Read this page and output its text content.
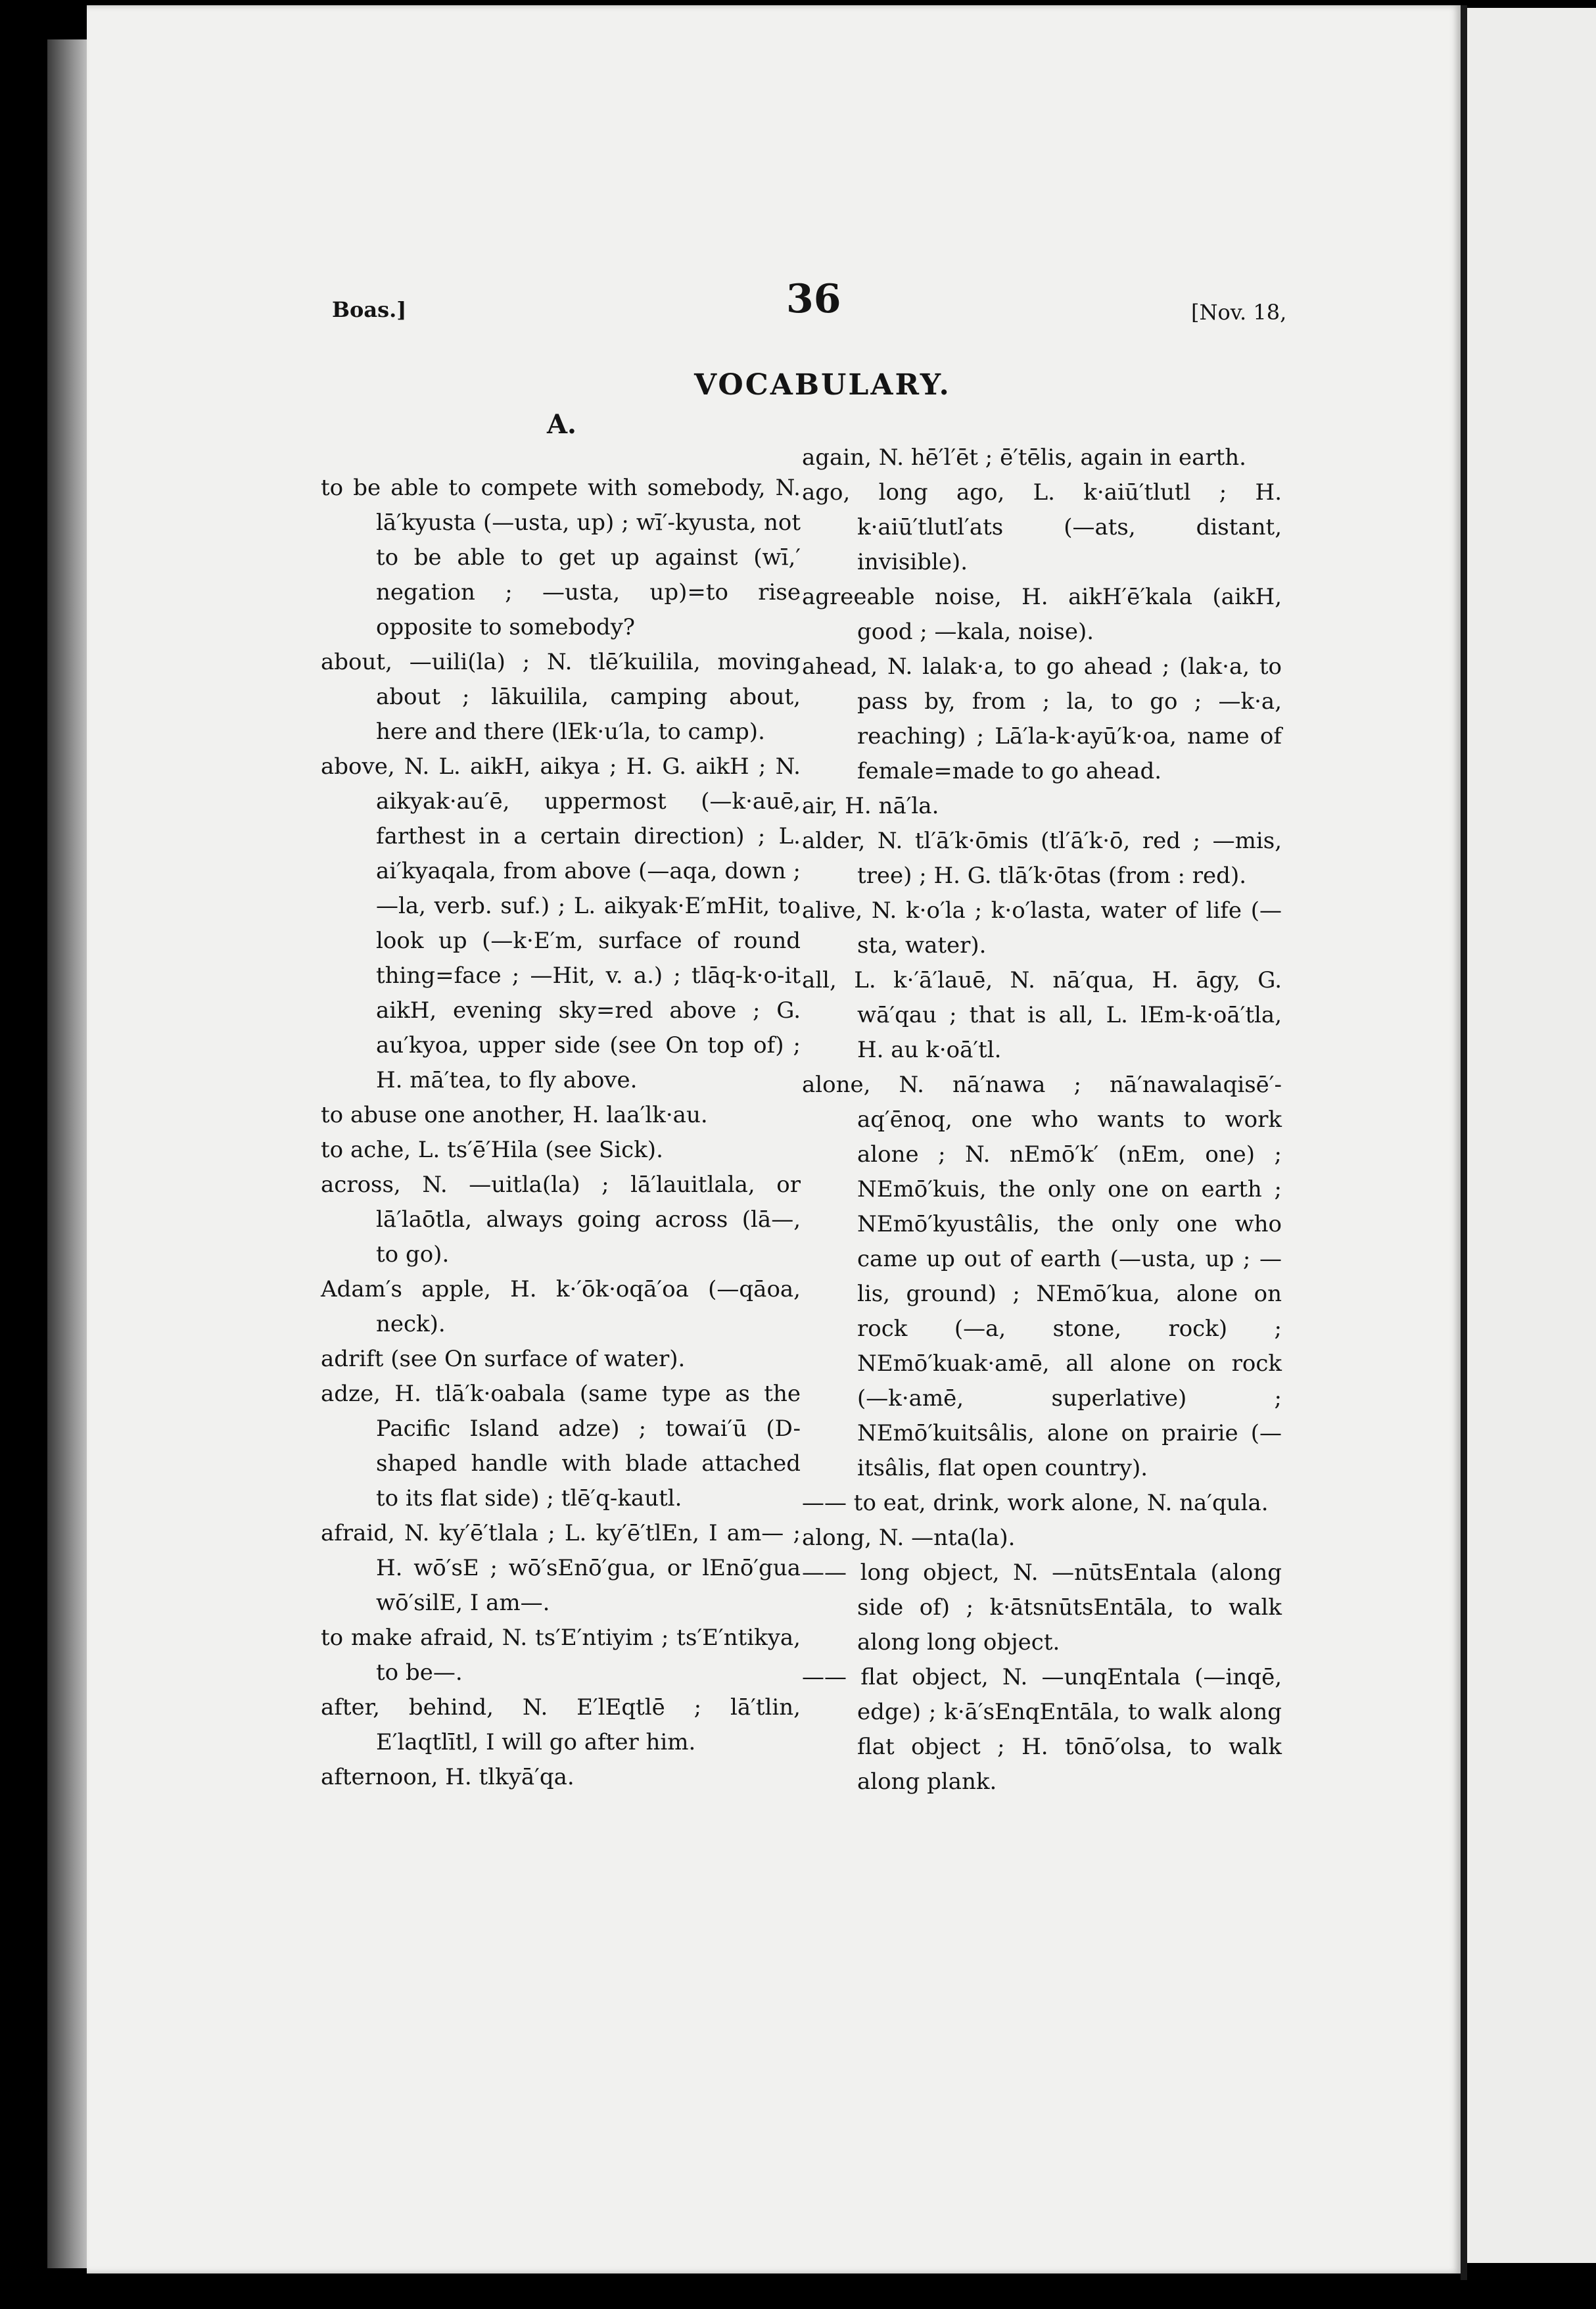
Boas.]	36	[Nov. 18,
VOCABULARY.
A.

to be able to compete with somebody, N. lā′kyusta (—usta, up) ; wī′-kyusta, not to be able to get up against (wī,′ negation ; —usta, up)=to rise opposite to somebody?

about, —uili(la) ; N. tlē′kuilila, moving about ; lākuilila, camping about, here and there (lEk·u′la, to camp).

above, N. L. aikH, aikya ; H. G. aikH ; N. aikyak·au′ē, uppermost (—k·auē, farthest in a certain direction) ; L. ai′kyaqala, from above (—aqa, down ; —la, verb. suf.) ; L. aikyak·E′mHit, to look up (—k·E′m, surface of round thing=face ; —Hit, v. a.) ; tlāq-k·o-it aikH, evening sky=red above ; G. au′kyoa, upper side (see On top of) ; H. mā′tea, to fly above.

to abuse one another, H. laa′lk·au.

to ache, L. ts′ē′Hila (see Sick).

across, N. —uitla(la) ; lā′lauitlala, or lā′laōtla, always going across (lā—, to go).

Adam′s apple, H. k·′ōk·oqā′oa (—qāoa, neck).

adrift (see On surface of water).

adze, H. tlā′k·oabala (same type as the Pacific Island adze) ; towai′ū (D-shaped handle with blade attached to its flat side) ; tlē′q-kautl.

afraid, N. ky′ē′tlala ; L. ky′ē′tlEn, I am— ; H. wō′sE ; wō′sEnō′gua, or lEnō′gua wō′silE, I am—.

to make afraid, N. ts′E′ntiyim ; ts′E′ntikya, to be—.

after, behind, N. E′lEqtlē ; lā′tlin, E′laqtlītl, I will go after him.

afternoon, H. tlkyā′qa.

again, N. hē′l′ēt ; ē′tēlis, again in earth.

ago, long ago, L. k·aiū′tlutl ; H. k·aiū′tlutl′ats (—ats, distant, invisible).

agreeable noise, H. aikH′ē′kala (aikH, good ; —kala, noise).

ahead, N. lalak·a, to go ahead ; (lak·a, to pass by, from ; la, to go ; —k·a, reaching) ; Lā′la-k·ayū′k·oa, name of female=made to go ahead.

air, H. nā′la.

alder, N. tl′ā′k·ōmis (tl′ā′k·ō, red ; —mis, tree) ; H. G. tlā′k·ōtas (from : red).

alive, N. k·o′la ; k·o′lasta, water of life (—sta, water).

all, L. k·′ā′lauē, N. nā′qua, H. āgy, G. wā′qau ; that is all, L. lEm-k·oā′tla, H. au k·oā′tl.

alone, N. nā′nawa ; nā′nawalaqisē′-aq′ēnoq, one who wants to work alone ; N. nEmō′k′ (nEm, one) ; NEmō′kuis, the only one on earth ; NEmō′kyustâlis, the only one who came up out of earth (—usta, up ; —lis, ground) ; NEmō′kua, alone on rock (—a, stone, rock) ; NEmō′kuak·amē, all alone on rock (—k·amē, superlative) ; NEmō′kuitsâlis, alone on prairie (—itsâlis, flat open country).

—— to eat, drink, work alone, N. na′qula.

along, N. —nta(la).

—— long object, N. —nūtsEntala (along side of) ; k·ātsnūtsEntāla, to walk along long object.

—— flat object, N. —unqEntala (—inqē, edge) ; k·ā′sEnqEntāla, to walk along flat object ; H. tōnō′olsa, to walk along plank.
